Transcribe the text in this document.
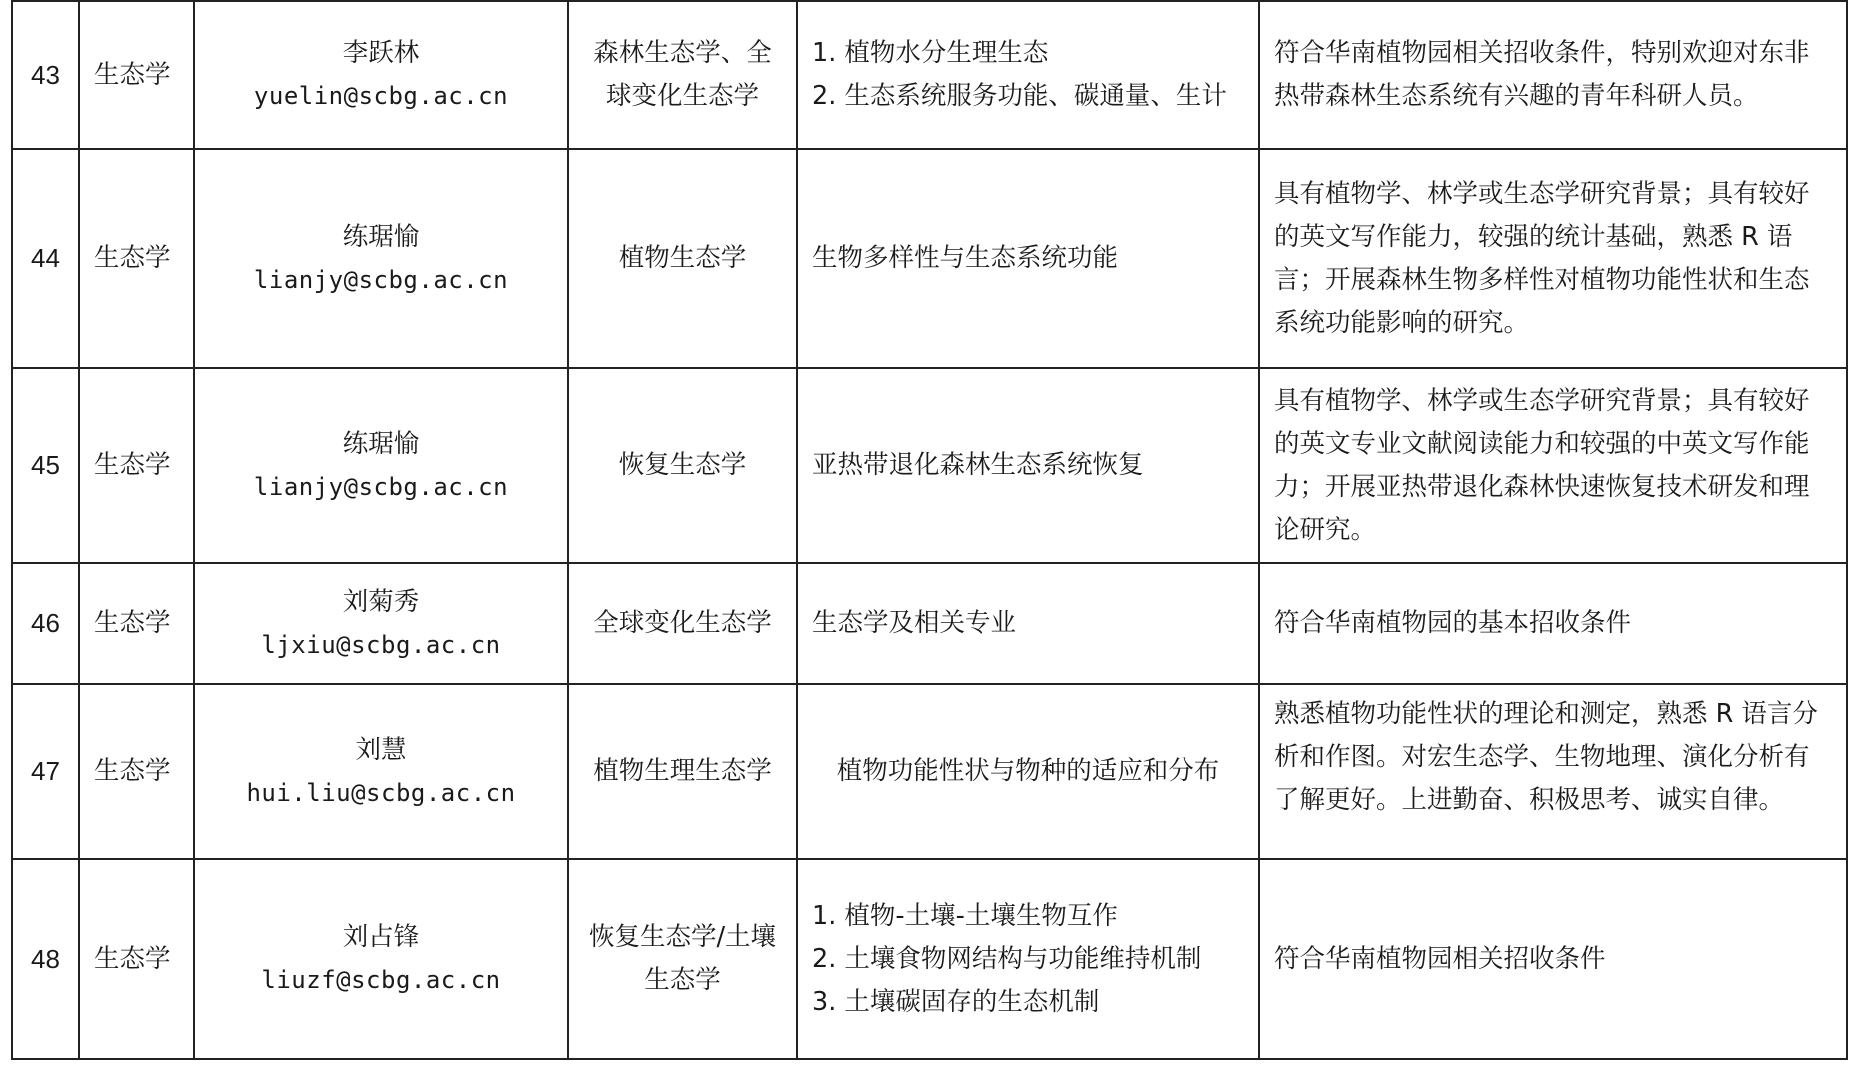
43	生态学	李跃林
yuelin@scbg.ac.cn	森林生态学、全球变化生态学	1. 植物水分生理生态
2. 生态系统服务功能、碳通量、生计	符合华南植物园相关招收条件，特别欢迎对东非热带森林生态系统有兴趣的青年科研人员。
44	生态学	练琚愉
lianjy@scbg.ac.cn	植物生态学	生物多样性与生态系统功能	具有植物学、林学或生态学研究背景；具有较好的英文写作能力，较强的统计基础，熟悉 R 语言；开展森林生物多样性对植物功能性状和生态系统功能影响的研究。
45	生态学	练琚愉
lianjy@scbg.ac.cn	恢复生态学	亚热带退化森林生态系统恢复	具有植物学、林学或生态学研究背景；具有较好的英文专业文献阅读能力和较强的中英文写作能力；开展亚热带退化森林快速恢复技术研发和理论研究。
46	生态学	刘菊秀
ljxiu@scbg.ac.cn	全球变化生态学	生态学及相关专业	符合华南植物园的基本招收条件
47	生态学	刘慧
hui.liu@scbg.ac.cn	植物生理生态学	植物功能性状与物种的适应和分布	熟悉植物功能性状的理论和测定，熟悉 R 语言分析和作图。对宏生态学、生物地理、演化分析有了解更好。上进勤奋、积极思考、诚实自律。

48	生态学	刘占锋
liuzf@scbg.ac.cn	恢复生态学/土壤生态学	1. 植物-土壤-土壤生物互作
2. 土壤食物网结构与功能维持机制
3. 土壤碳固存的生态机制	符合华南植物园相关招收条件
